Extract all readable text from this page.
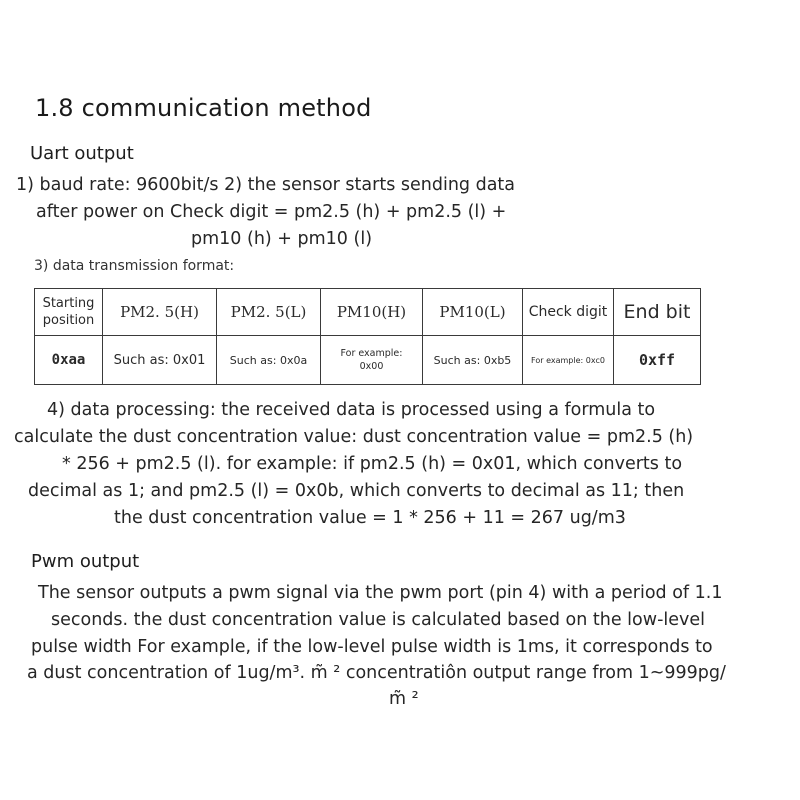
1.8 communication method
Uart output
1) baud rate: 9600bit/s 2) the sensor starts sending data
after power on Check digit = pm2.5 (h) + pm2.5 (l) +
pm10 (h) + pm10 (l)
3) data transmission format:
Starting position	PM2. 5(H)	PM2. 5(L)	PM10(H)	PM10(L)	Check digit	End bit
0xaa	Such as: 0x01	Such as: 0x0a	For example: 0x00	Such as: 0xb5	For example: 0xc0	0xff
4) data processing: the received data is processed using a formula to
calculate the dust concentration value: dust concentration value = pm2.5 (h)
* 256 + pm2.5 (l). for example: if pm2.5 (h) = 0x01, which converts to
decimal as 1; and pm2.5 (l) = 0x0b, which converts to decimal as 11; then
the dust concentration value = 1 * 256 + 11 = 267 ug/m3
Pwm output
The sensor outputs a pwm signal via the pwm port (pin 4) with a period of 1.1
seconds. the dust concentration value is calculated based on the low-level
pulse width For example, if the low-level pulse width is 1ms, it corresponds to
a dust concentration of 1ug/m³. m̃ ² concentratiôn output range from 1~999pg/
m̃ ²
